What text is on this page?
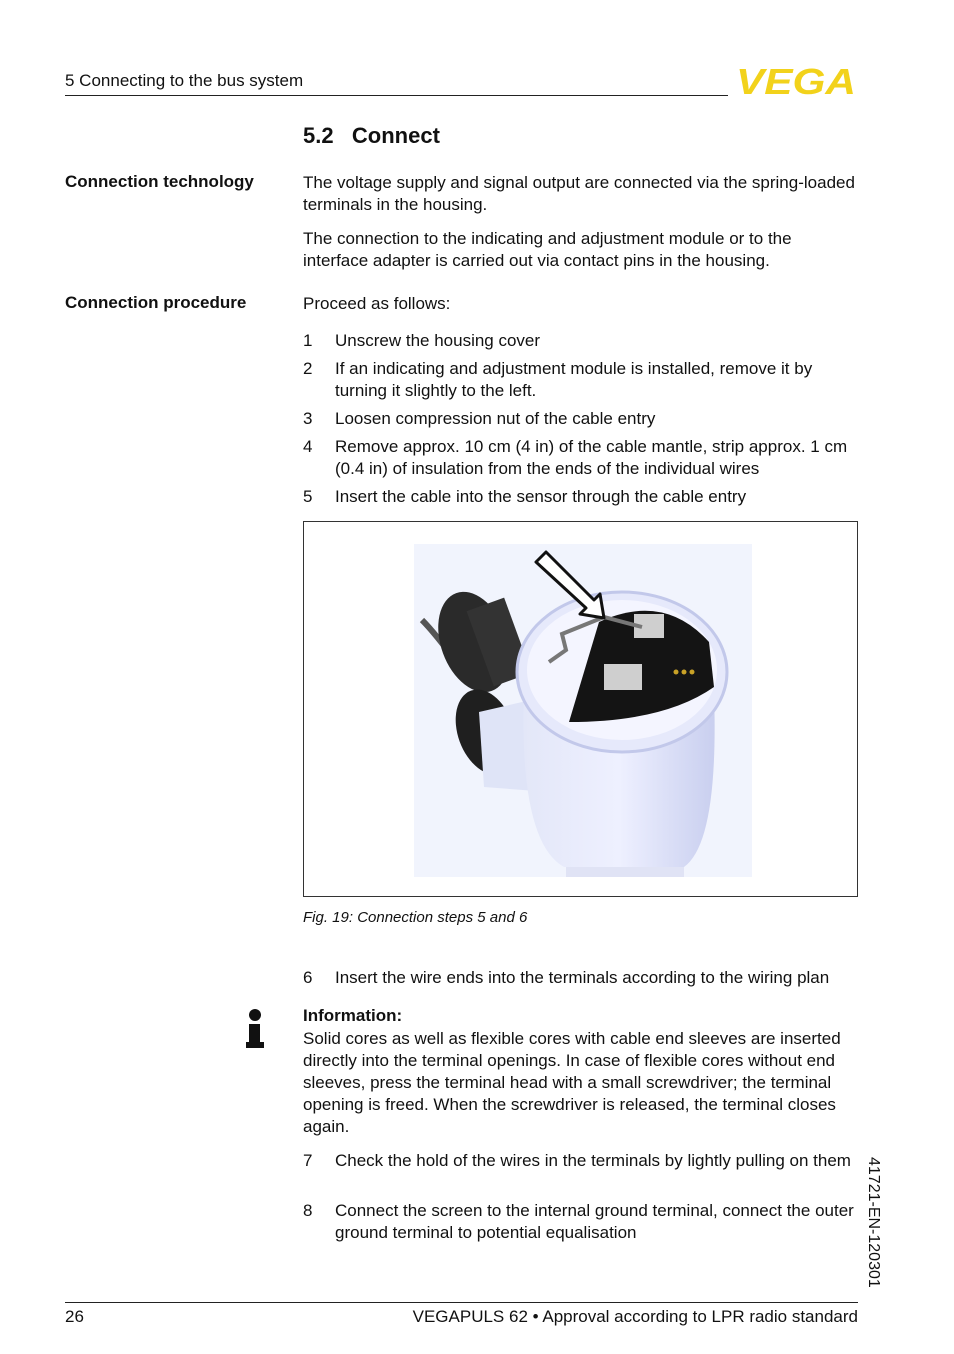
5 Connecting to the bus system	VEGA
5.2   Connect
Connection technology
Connection procedure
The voltage supply and signal output are connected via the spring-loaded terminals in the housing.
The connection to the indicating and adjustment module or to the interface adapter is carried out via contact pins in the housing.
Proceed as follows:
1	Unscrew the housing cover
2	If an indicating and adjustment module is installed, remove it by turning it slightly to the left.
3	Loosen compression nut of the cable entry
4	Remove approx. 10 cm (4 in) of the cable mantle, strip approx. 1 cm (0.4 in) of insulation from the ends of the individual wires
5	Insert the cable into the sensor through the cable entry
Fig. 19: Connection steps 5 and 6
6	Insert the wire ends into the terminals according to the wiring plan
Information:
Solid cores as well as flexible cores with cable end sleeves are inserted directly into the terminal openings. In case of flexible cores without end sleeves, press the terminal head with a small screwdriver; the terminal opening is freed. When the screwdriver is released, the terminal closes again.
7	Check the hold of the wires in the terminals by lightly pulling on them
8	Connect the screen to the internal ground terminal, connect the outer ground terminal to potential equalisation	41721-EN-120301
26	VEGAPULS 62 • Approval according to LPR radio standard
